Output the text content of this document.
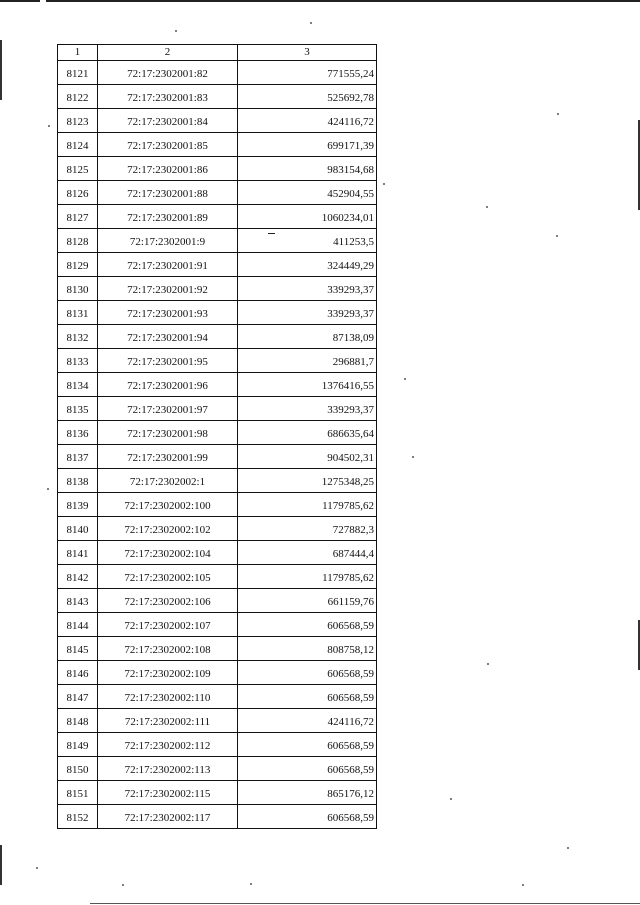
1	2	3
8121	72:17:2302001:82	771555,24
8122	72:17:2302001:83	525692,78
8123	72:17:2302001:84	424116,72
8124	72:17:2302001:85	699171,39
8125	72:17:2302001:86	983154,68
8126	72:17:2302001:88	452904,55
8127	72:17:2302001:89	1060234,01
8128	72:17:2302001:9	411253,5
8129	72:17:2302001:91	324449,29
8130	72:17:2302001:92	339293,37
8131	72:17:2302001:93	339293,37
8132	72:17:2302001:94	87138,09
8133	72:17:2302001:95	296881,7
8134	72:17:2302001:96	1376416,55
8135	72:17:2302001:97	339293,37
8136	72:17:2302001:98	686635,64
8137	72:17:2302001:99	904502,31
8138	72:17:2302002:1	1275348,25
8139	72:17:2302002:100	1179785,62
8140	72:17:2302002:102	727882,3
8141	72:17:2302002:104	687444,4
8142	72:17:2302002:105	1179785,62
8143	72:17:2302002:106	661159,76
8144	72:17:2302002:107	606568,59
8145	72:17:2302002:108	808758,12
8146	72:17:2302002:109	606568,59
8147	72:17:2302002:110	606568,59
8148	72:17:2302002:111	424116,72
8149	72:17:2302002:112	606568,59
8150	72:17:2302002:113	606568,59
8151	72:17:2302002:115	865176,12
8152	72:17:2302002:117	606568,59
